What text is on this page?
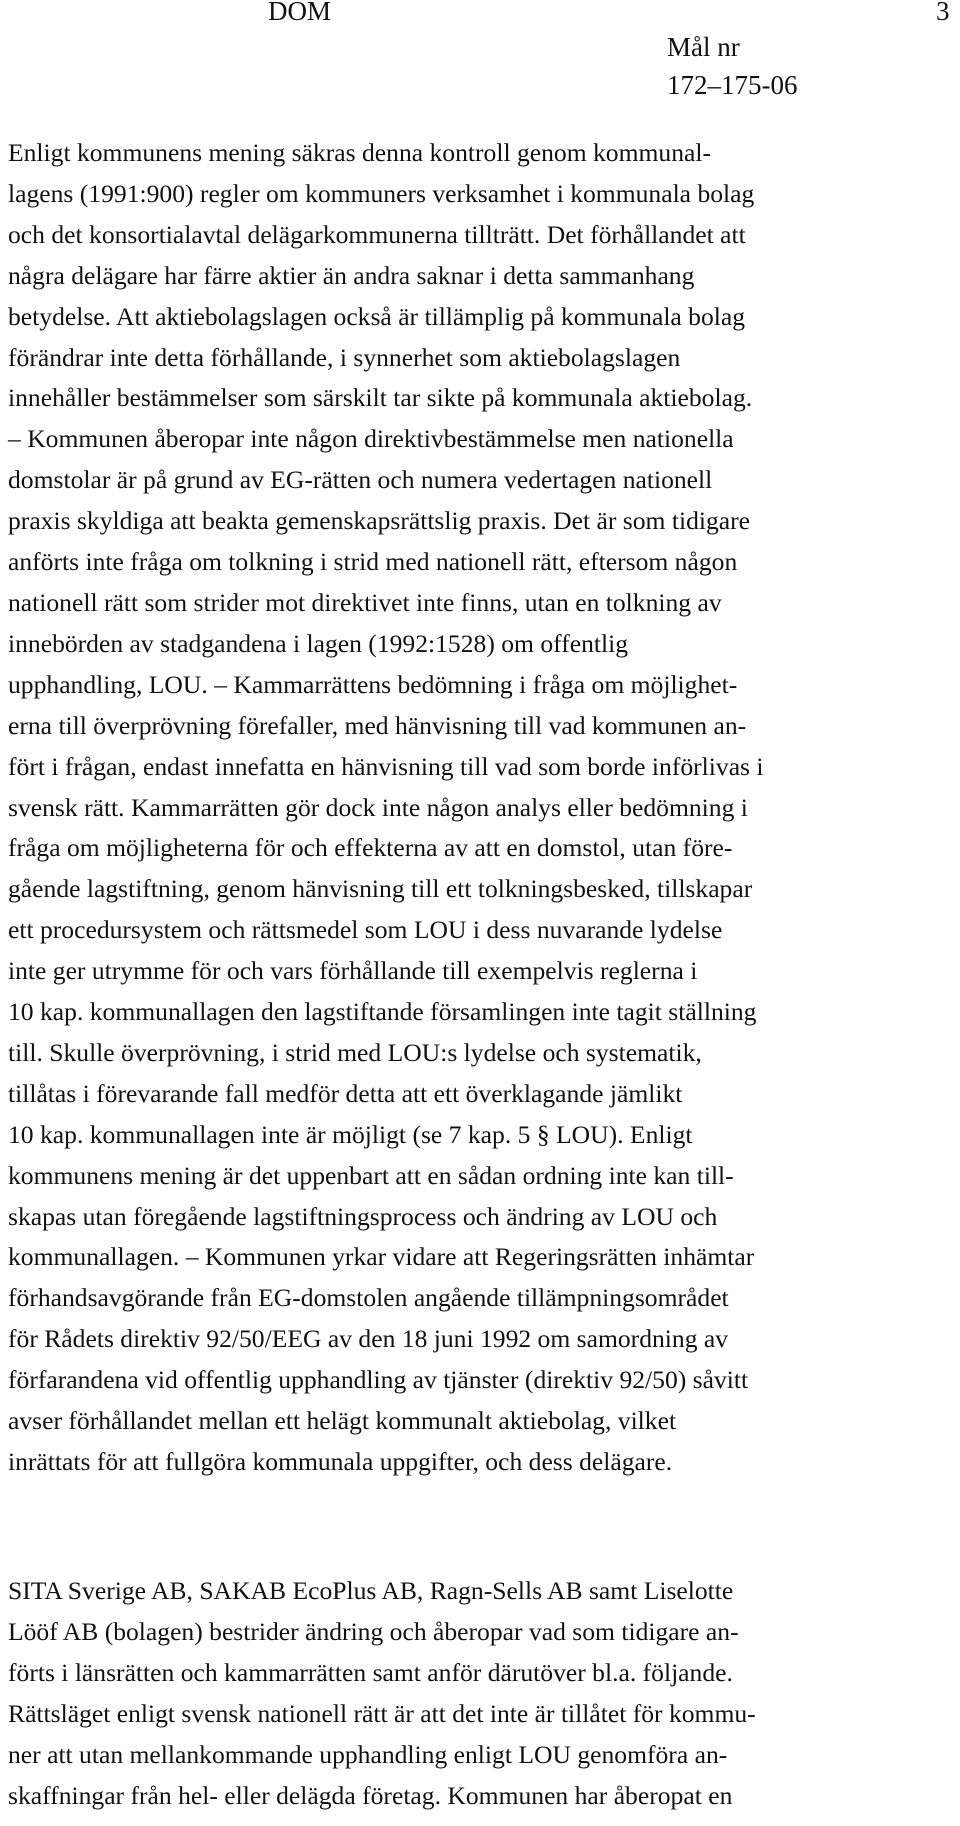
DOM	3
Mål nr
172–175-06
Enligt kommunens mening säkras denna kontroll genom kommunal-
lagens (1991:900) regler om kommuners verksamhet i kommunala bolag
och det konsortialavtal delägarkommunerna tillträtt. Det förhållandet att
några delägare har färre aktier än andra saknar i detta sammanhang
betydelse. Att aktiebolagslagen också är tillämplig på kommunala bolag
förändrar inte detta förhållande, i synnerhet som aktiebolagslagen
innehåller bestämmelser som särskilt tar sikte på kommunala aktiebolag.
– Kommunen åberopar inte någon direktivbestämmelse men nationella
domstolar är på grund av EG-rätten och numera vedertagen nationell
praxis skyldiga att beakta gemenskapsrättslig praxis. Det är som tidigare
anförts inte fråga om tolkning i strid med nationell rätt, eftersom någon
nationell rätt som strider mot direktivet inte finns, utan en tolkning av
innebörden av stadgandena i lagen (1992:1528) om offentlig
upphandling, LOU. – Kammarrättens bedömning i fråga om möjlighet-
erna till överprövning förefaller, med hänvisning till vad kommunen an-
fört i frågan, endast innefatta en hänvisning till vad som borde införlivas i
svensk rätt. Kammarrätten gör dock inte någon analys eller bedömning i
fråga om möjligheterna för och effekterna av att en domstol, utan före-
gående lagstiftning, genom hänvisning till ett tolkningsbesked, tillskapar
ett procedursystem och rättsmedel som LOU i dess nuvarande lydelse
inte ger utrymme för och vars förhållande till exempelvis reglerna i
10 kap. kommunallagen den lagstiftande församlingen inte tagit ställning
till. Skulle överprövning, i strid med LOU:s lydelse och systematik,
tillåtas i förevarande fall medför detta att ett överklagande jämlikt
10 kap. kommunallagen inte är möjligt (se 7 kap. 5 § LOU). Enligt
kommunens mening är det uppenbart att en sådan ordning inte kan till-
skapas utan föregående lagstiftningsprocess och ändring av LOU och
kommunallagen. – Kommunen yrkar vidare att Regeringsrätten inhämtar
förhandsavgörande från EG-domstolen angående tillämpningsområdet
för Rådets direktiv 92/50/EEG av den 18 juni 1992 om samordning av
förfarandena vid offentlig upphandling av tjänster (direktiv 92/50) såvitt
avser förhållandet mellan ett helägt kommunalt aktiebolag, vilket
inrättats för att fullgöra kommunala uppgifter, och dess delägare.
SITA Sverige AB, SAKAB EcoPlus AB, Ragn-Sells AB samt Liselotte
Lööf AB (bolagen) bestrider ändring och åberopar vad som tidigare an-
förts i länsrätten och kammarrätten samt anför därutöver bl.a. följande.
Rättsläget enligt svensk nationell rätt är att det inte är tillåtet för kommu-
ner att utan mellankommande upphandling enligt LOU genomföra an-
skaffningar från hel- eller delägda företag. Kommunen har åberopat en
